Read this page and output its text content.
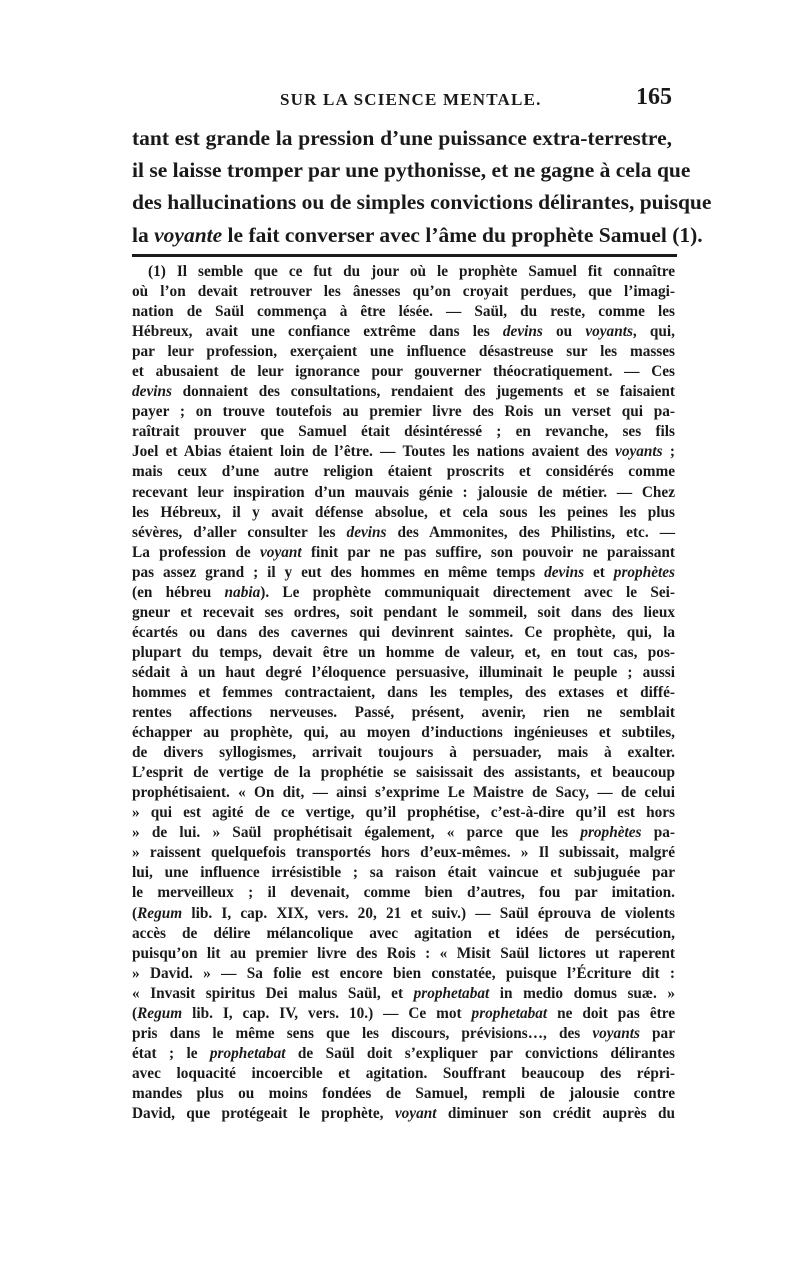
SUR LA SCIENCE MENTALE.	165
tant est grande la pression d’une puissance extra-terrestre,
il se laisse tromper par une pythonisse, et ne gagne à cela que
des hallucinations ou de simples convictions délirantes, puisque
la voyante le fait converser avec l’âme du prophète Samuel (1).
(1) Il semble que ce fut du jour où le prophète Samuel fit connaître
où l’on devait retrouver les ânesses qu’on croyait perdues, que l’imagi-
nation de Saül commença à être lésée. — Saül, du reste, comme les
Hébreux, avait une confiance extrême dans les devins ou voyants, qui,
par leur profession, exerçaient une influence désastreuse sur les masses
et abusaient de leur ignorance pour gouverner théocratiquement. — Ces
devins donnaient des consultations, rendaient des jugements et se faisaient
payer ; on trouve toutefois au premier livre des Rois un verset qui pa-
raîtrait prouver que Samuel était désintéressé ; en revanche, ses fils
Joel et Abias étaient loin de l’être. — Toutes les nations avaient des voyants ;
mais ceux d’une autre religion étaient proscrits et considérés comme
recevant leur inspiration d’un mauvais génie : jalousie de métier. — Chez
les Hébreux, il y avait défense absolue, et cela sous les peines les plus
sévères, d’aller consulter les devins des Ammonites, des Philistins, etc. —
La profession de voyant finit par ne pas suffire, son pouvoir ne paraissant
pas assez grand ; il y eut des hommes en même temps devins et prophètes
(en hébreu nabia). Le prophète communiquait directement avec le Sei-
gneur et recevait ses ordres, soit pendant le sommeil, soit dans des lieux
écartés ou dans des cavernes qui devinrent saintes. Ce prophète, qui, la
plupart du temps, devait être un homme de valeur, et, en tout cas, pos-
sédait à un haut degré l’éloquence persuasive, illuminait le peuple ; aussi
hommes et femmes contractaient, dans les temples, des extases et diffé-
rentes affections nerveuses. Passé, présent, avenir, rien ne semblait
échapper au prophète, qui, au moyen d’inductions ingénieuses et subtiles,
de divers syllogismes, arrivait toujours à persuader, mais à exalter.
L’esprit de vertige de la prophétie se saisissait des assistants, et beaucoup
prophétisaient. « On dit, — ainsi s’exprime Le Maistre de Sacy, — de celui
» qui est agité de ce vertige, qu’il prophétise, c’est-à-dire qu’il est hors
» de lui. » Saül prophétisait également, « parce que les prophètes pa-
» raissent quelquefois transportés hors d’eux-mêmes. » Il subissait, malgré
lui, une influence irrésistible ; sa raison était vaincue et subjuguée par
le merveilleux ; il devenait, comme bien d’autres, fou par imitation.
(Regum lib. I, cap. XIX, vers. 20, 21 et suiv.) — Saül éprouva de violents
accès de délire mélancolique avec agitation et idées de persécution,
puisqu’on lit au premier livre des Rois : « Misit Saül lictores ut raperent
» David. » — Sa folie est encore bien constatée, puisque l’Écriture dit :
« Invasit spiritus Dei malus Saül, et prophetabat in medio domus suæ. »
(Regum lib. I, cap. IV, vers. 10.) — Ce mot prophetabat ne doit pas être
pris dans le même sens que les discours, prévisions…, des voyants par
état ; le prophetabat de Saül doit s’expliquer par convictions délirantes
avec loquacité incoercible et agitation. Souffrant beaucoup des répri-
mandes plus ou moins fondées de Samuel, rempli de jalousie contre
David, que protégeait le prophète, voyant diminuer son crédit auprès du
